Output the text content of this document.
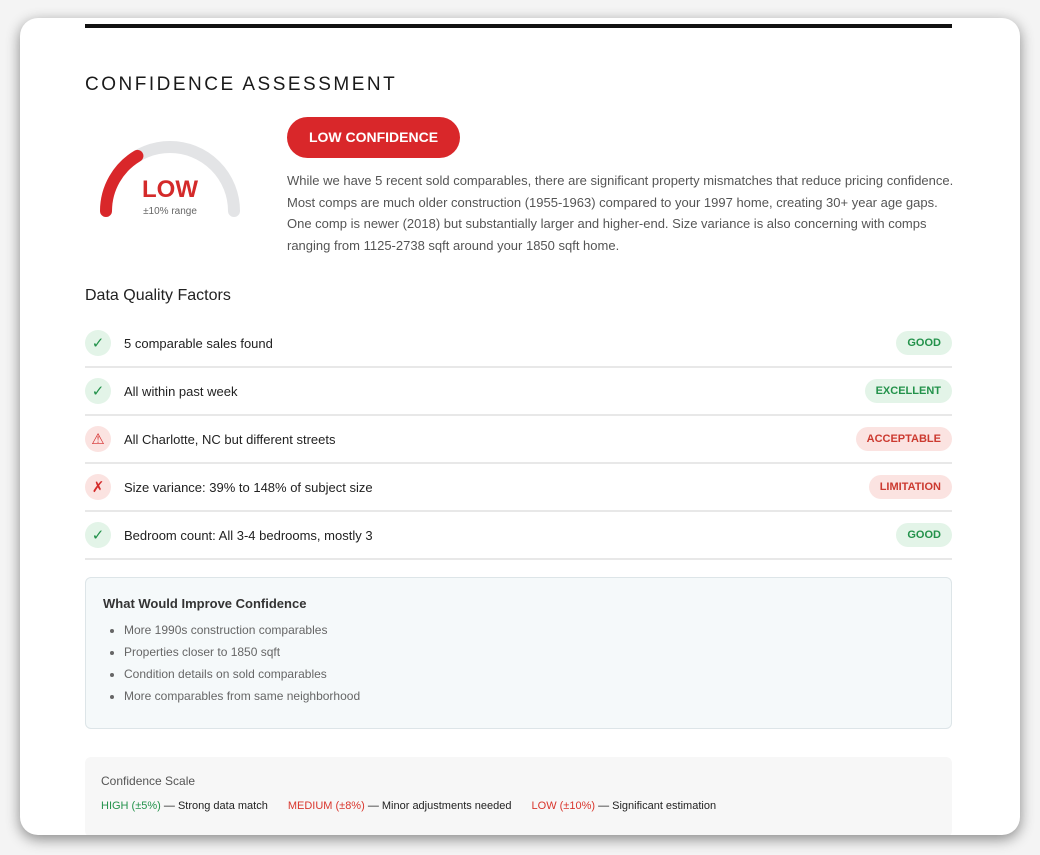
CONFIDENCE ASSESSMENT
LOW
±10% range
LOW CONFIDENCE
While we have 5 recent sold comparables, there are significant property mismatches that reduce pricing confidence. Most comps are much older construction (1955-1963) compared to your 1997 home, creating 30+ year age gaps. One comp is newer (2018) but substantially larger and higher-end. Size variance is also concerning with comps ranging from 1125-2738 sqft around your 1850 sqft home.
Data Quality Factors
✓	5 comparable sales found	GOOD
✓	All within past week	EXCELLENT
⚠	All Charlotte, NC but different streets	ACCEPTABLE
✗	Size variance: 39% to 148% of subject size	LIMITATION
✓	Bedroom count: All 3-4 bedrooms, mostly 3	GOOD
What Would Improve Confidence
• More 1990s construction comparables
• Properties closer to 1850 sqft
• Condition details on sold comparables
• More comparables from same neighborhood
Confidence Scale
HIGH (±5%) — Strong data match MEDIUM (±8%) — Minor adjustments needed LOW (±10%) — Significant estimation
